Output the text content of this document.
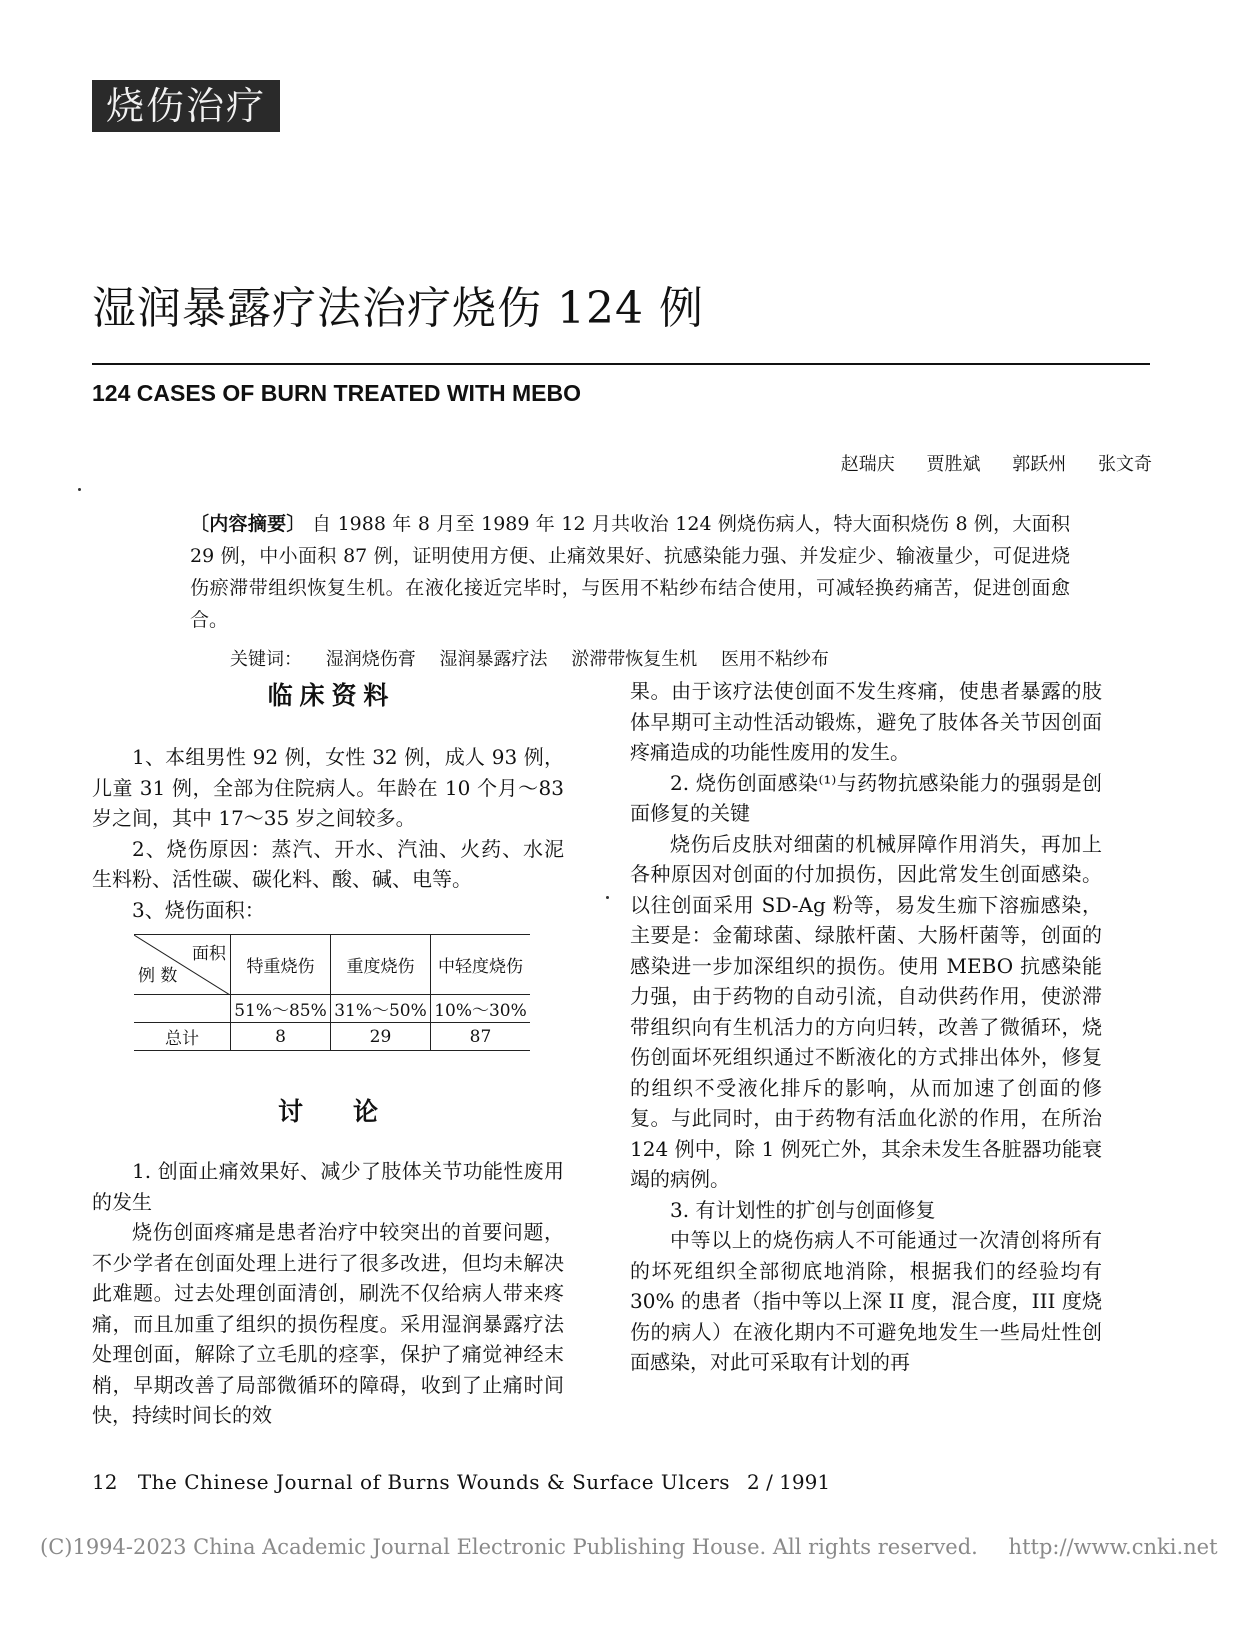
烧伤治疗
湿润暴露疗法治疗烧伤 124 例
124 CASES OF BURN TREATED WITH MEBO
赵瑞庆 贾胜斌 郭跃州 张文奇
〔内容摘要〕 自 1988 年 8 月至 1989 年 12 月共收治 124 例烧伤病人，特大面积烧伤 8 例，大面积 29 例，中小面积 87 例，证明使用方便、止痛效果好、抗感染能力强、并发症少、输液量少，可促进烧伤瘀滞带组织恢复生机。在液化接近完毕时，与医用不粘纱布结合使用，可减轻换药痛苦，促进创面愈合。
关键词： 湿润烧伤膏 湿润暴露疗法 淤滞带恢复生机 医用不粘纱布
临 床 资 料

1、本组男性 92 例，女性 32 例，成人 93 例，儿童 31 例，全部为住院病人。年龄在 10 个月～83 岁之间，其中 17～35 岁之间较多。

2、烧伤原因：蒸汽、开水、汽油、火药、水泥生料粉、活性碳、碳化料、酸、碱、电等。

3、烧伤面积：

面积
例 数	特重烧伤	重度烧伤	中轻度烧伤
	51%～85%	31%～50%	10%～30%
总计	8	29	87
讨　　论

1. 创面止痛效果好、减少了肢体关节功能性废用的发生

烧伤创面疼痛是患者治疗中较突出的首要问题，不少学者在创面处理上进行了很多改进，但均未解决此难题。过去处理创面清创，刷洗不仅给病人带来疼痛，而且加重了组织的损伤程度。采用湿润暴露疗法处理创面，解除了立毛肌的痉挛，保护了痛觉神经末梢，早期改善了局部微循环的障碍，收到了止痛时间快，持续时间长的效

果。由于该疗法使创面不发生疼痛，使患者暴露的肢体早期可主动性活动锻炼，避免了肢体各关节因创面疼痛造成的功能性废用的发生。

2. 烧伤创面感染⁽¹⁾与药物抗感染能力的强弱是创面修复的关键

烧伤后皮肤对细菌的机械屏障作用消失，再加上各种原因对创面的付加损伤，因此常发生创面感染。以往创面采用 SD-Ag 粉等，易发生痂下溶痂感染，主要是：金葡球菌、绿脓杆菌、大肠杆菌等，创面的感染进一步加深组织的损伤。使用 MEBO 抗感染能力强，由于药物的自动引流，自动供药作用，使淤滞带组织向有生机活力的方向归转，改善了微循环，烧伤创面坏死组织通过不断液化的方式排出体外，修复的组织不受液化排斥的影响，从而加速了创面的修复。与此同时，由于药物有活血化淤的作用，在所治 124 例中，除 1 例死亡外，其余未发生各脏器功能衰竭的病例。

3. 有计划性的扩创与创面修复

中等以上的烧伤病人不可能通过一次清创将所有的坏死组织全部彻底地消除，根据我们的经验均有 30% 的患者（指中等以上深 II 度，混合度，III 度烧伤的病人）在液化期内不可避免地发生一些局灶性创面感染，对此可采取有计划的再

12 The Chinese Journal of Burns Wounds & Surface Ulcers 2 / 1991
(C)1994-2023 China Academic Journal Electronic Publishing House. All rights reserved. http://www.cnki.net
